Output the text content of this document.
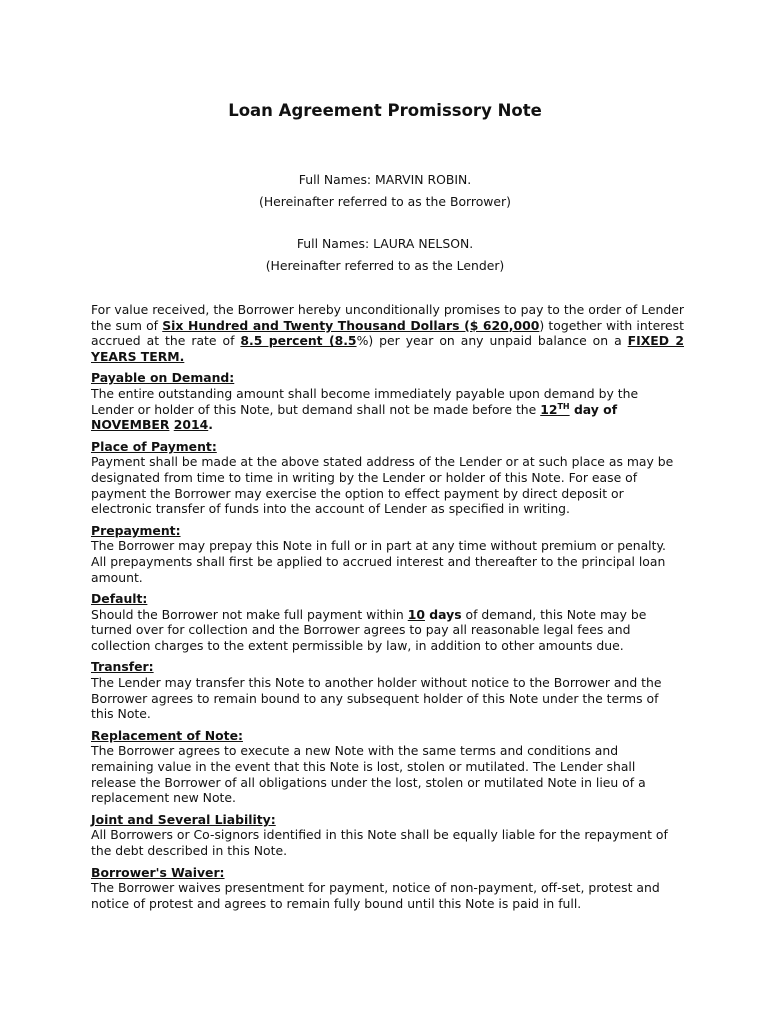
Loan Agreement Promissory Note
Full Names: MARVIN ROBIN.
(Hereinafter referred to as the Borrower)
Full Names: LAURA NELSON.
(Hereinafter referred to as the Lender)

For value received, the Borrower hereby unconditionally promises to pay to the order of Lender the sum of Six Hundred and Twenty Thousand Dollars ($ 620,000) together with interest accrued at the rate of 8.5 percent (8.5%) per year on any unpaid balance on a FIXED 2 YEARS TERM.

Payable on Demand:

The entire outstanding amount shall become immediately payable upon demand by the Lender or holder of this Note, but demand shall not be made before the 12TH day of NOVEMBER 2014.

Place of Payment:

Payment shall be made at the above stated address of the Lender or at such place as may be designated from time to time in writing by the Lender or holder of this Note. For ease of payment the Borrower may exercise the option to effect payment by direct deposit or electronic transfer of funds into the account of Lender as specified in writing.

Prepayment:

The Borrower may prepay this Note in full or in part at any time without premium or penalty. All prepayments shall first be applied to accrued interest and thereafter to the principal loan amount.

Default:

Should the Borrower not make full payment within 10 days of demand, this Note may be turned over for collection and the Borrower agrees to pay all reasonable legal fees and collection charges to the extent permissible by law, in addition to other amounts due.

Transfer:

The Lender may transfer this Note to another holder without notice to the Borrower and the Borrower agrees to remain bound to any subsequent holder of this Note under the terms of this Note.

Replacement of Note:

The Borrower agrees to execute a new Note with the same terms and conditions and remaining value in the event that this Note is lost, stolen or mutilated. The Lender shall release the Borrower of all obligations under the lost, stolen or mutilated Note in lieu of a replacement new Note.

Joint and Several Liability:

All Borrowers or Co-signors identified in this Note shall be equally liable for the repayment of the debt described in this Note.

Borrower's Waiver:

The Borrower waives presentment for payment, notice of non-payment, off-set, protest and notice of protest and agrees to remain fully bound until this Note is paid in full.
